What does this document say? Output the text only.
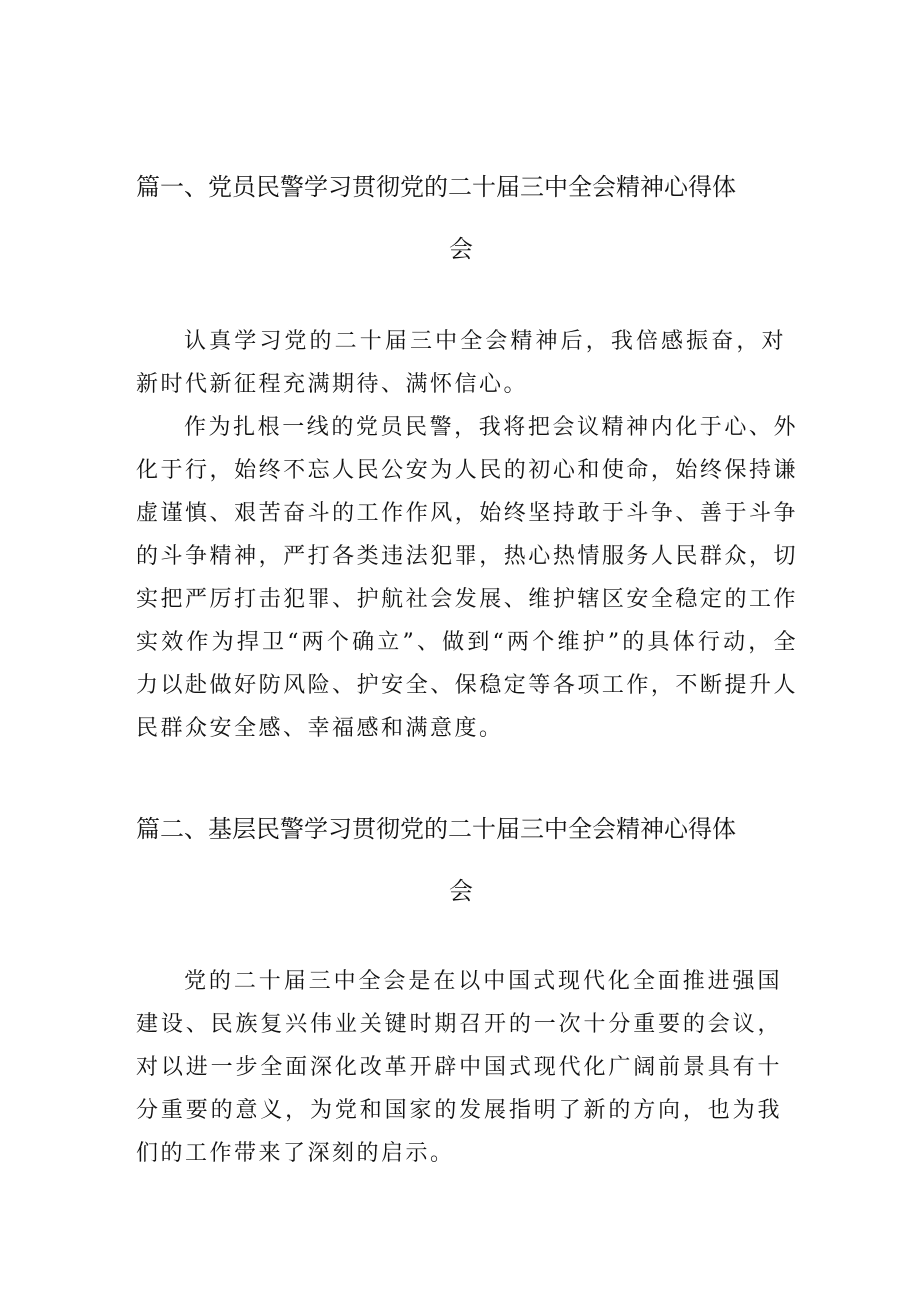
篇一、党员民警学习贯彻党的二十届三中全会精神心得体
会

认真学习党的二十届三中全会精神后，我倍感振奋，对新时代新征程充满期待、满怀信心。

作为扎根一线的党员民警，我将把会议精神内化于心、外化于行，始终不忘人民公安为人民的初心和使命，始终保持谦虚谨慎、艰苦奋斗的工作作风，始终坚持敢于斗争、善于斗争的斗争精神，严打各类违法犯罪，热心热情服务人民群众，切实把严厉打击犯罪、护航社会发展、维护辖区安全稳定的工作实效作为捍卫“两个确立”、做到“两个维护”的具体行动，全力以赴做好防风险、护安全、保稳定等各项工作，不断提升人民群众安全感、幸福感和满意度。

篇二、基层民警学习贯彻党的二十届三中全会精神心得体
会

党的二十届三中全会是在以中国式现代化全面推进强国建设、民族复兴伟业关键时期召开的一次十分重要的会议，对以进一步全面深化改革开辟中国式现代化广阔前景具有十分重要的意义，为党和国家的发展指明了新的方向，也为我们的工作带来了深刻的启示。
